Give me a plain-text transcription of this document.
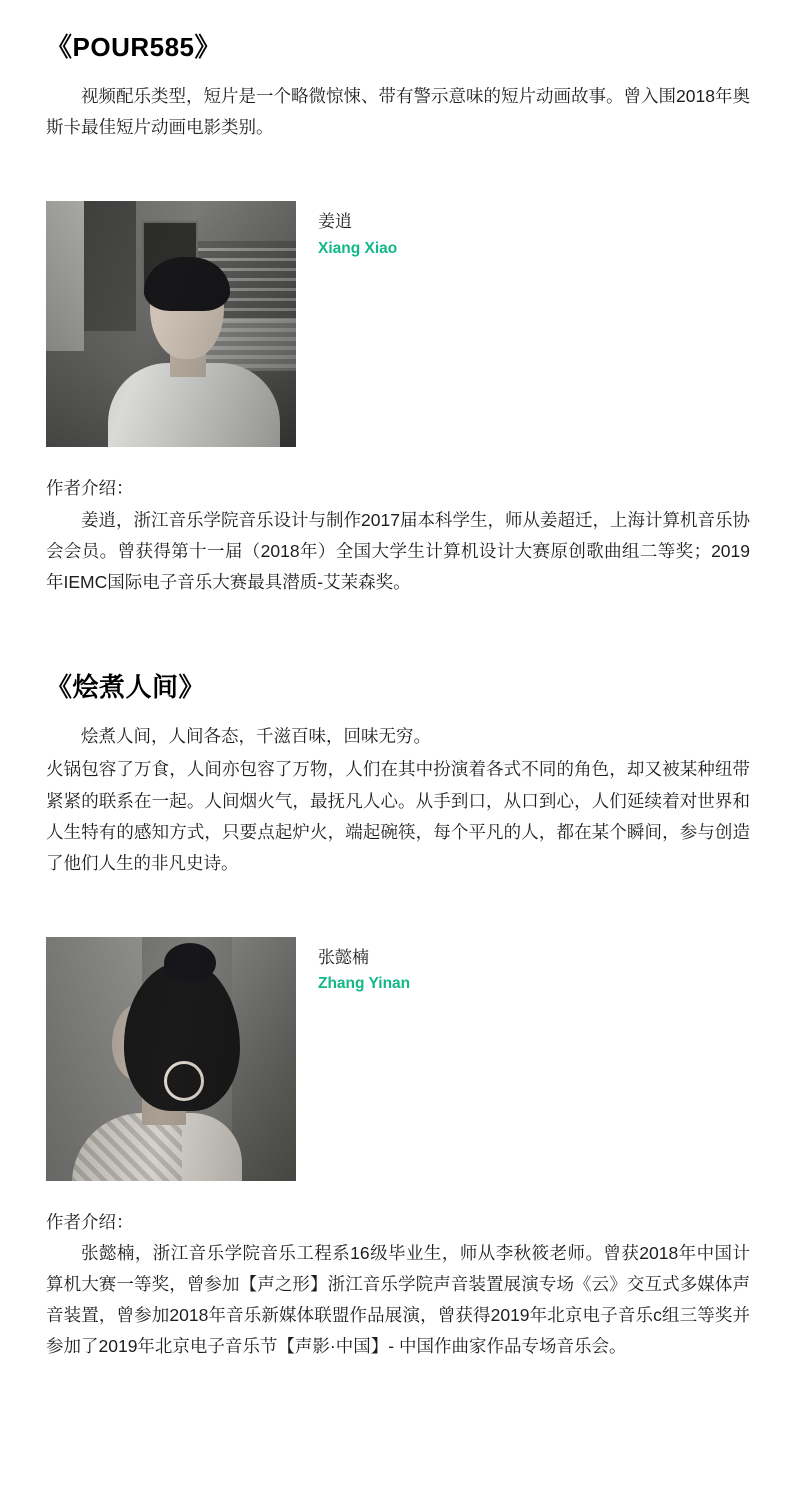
《POUR585》

视频配乐类型，短片是一个略微惊悚、带有警示意味的短片动画故事。曾入围2018年奥斯卡最佳短片动画电影类别。

姜逍
Xiang Xiao

作者介绍：

姜逍，浙江音乐学院音乐设计与制作2017届本科学生，师从姜超迁，上海计算机音乐协会会员。曾获得第十一届（2018年）全国大学生计算机设计大赛原创歌曲组二等奖；2019年IEMC国际电子音乐大赛最具潜质-艾茉森奖。

《烩煮人间》

烩煮人间，人间各态，千滋百味，回味无穷。

火锅包容了万食，人间亦包容了万物，人们在其中扮演着各式不同的角色，却又被某种纽带紧紧的联系在一起。人间烟火气，最抚凡人心。从手到口，从口到心，人们延续着对世界和人生特有的感知方式，只要点起炉火，端起碗筷，每个平凡的人，都在某个瞬间，参与创造了他们人生的非凡史诗。

张懿楠
Zhang Yinan

作者介绍：

张懿楠，浙江音乐学院音乐工程系16级毕业生，师从李秋筱老师。曾获2018年中国计算机大赛一等奖，曾参加【声之形】浙江音乐学院声音装置展演专场《云》交互式多媒体声音装置，曾参加2018年音乐新媒体联盟作品展演，曾获得2019年北京电子音乐c组三等奖并参加了2019年北京电子音乐节【声影·中国】- 中国作曲家作品专场音乐会。
